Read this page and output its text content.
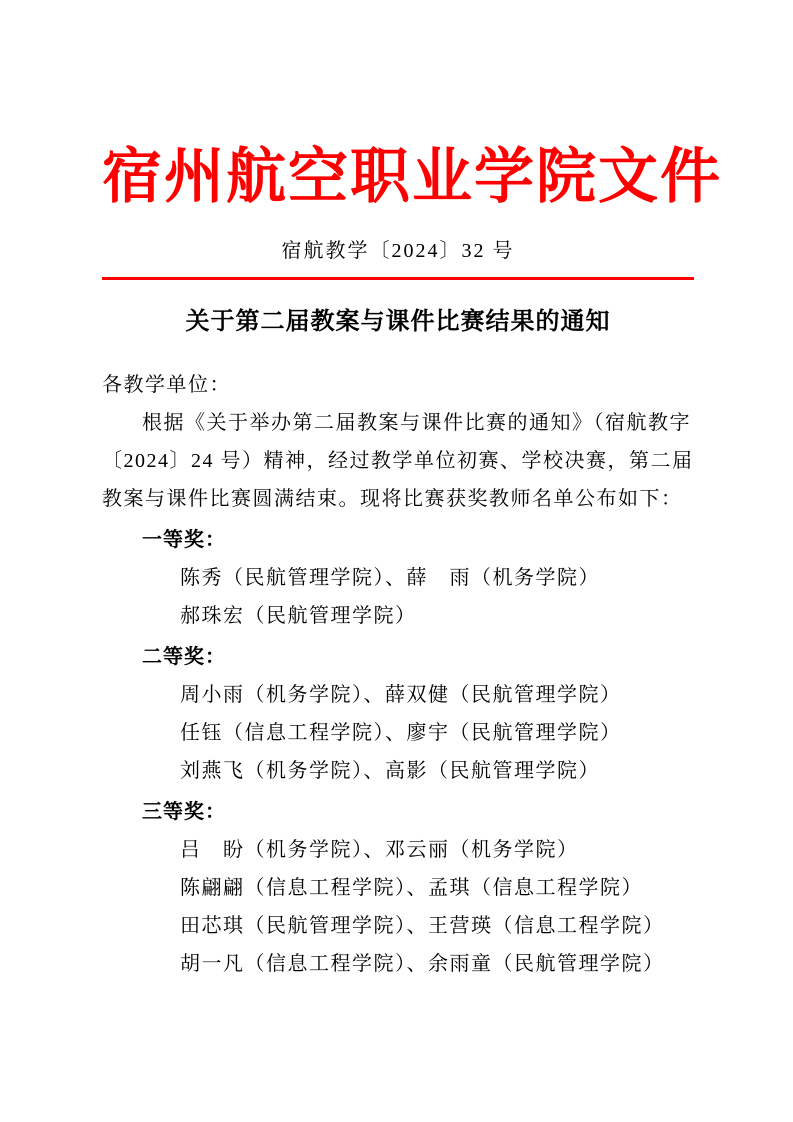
宿州航空职业学院文件
宿航教学〔2024〕32 号
关于第二届教案与课件比赛结果的通知
各教学单位：
根据《关于举办第二届教案与课件比赛的通知》（宿航教字
〔2024〕24 号）精神，经过教学单位初赛、学校决赛，第二届
教案与课件比赛圆满结束。现将比赛获奖教师名单公布如下：
一等奖：
陈秀（民航管理学院）、薛　雨（机务学院）
郝珠宏（民航管理学院）
二等奖：
周小雨（机务学院）、薛双健（民航管理学院）
任钰（信息工程学院）、廖宇（民航管理学院）
刘燕飞（机务学院）、高影（民航管理学院）
三等奖：
吕　盼（机务学院）、邓云丽（机务学院）
陈翩翩（信息工程学院）、孟琪（信息工程学院）
田芯琪（民航管理学院）、王营瑛（信息工程学院）
胡一凡（信息工程学院）、余雨童（民航管理学院）
